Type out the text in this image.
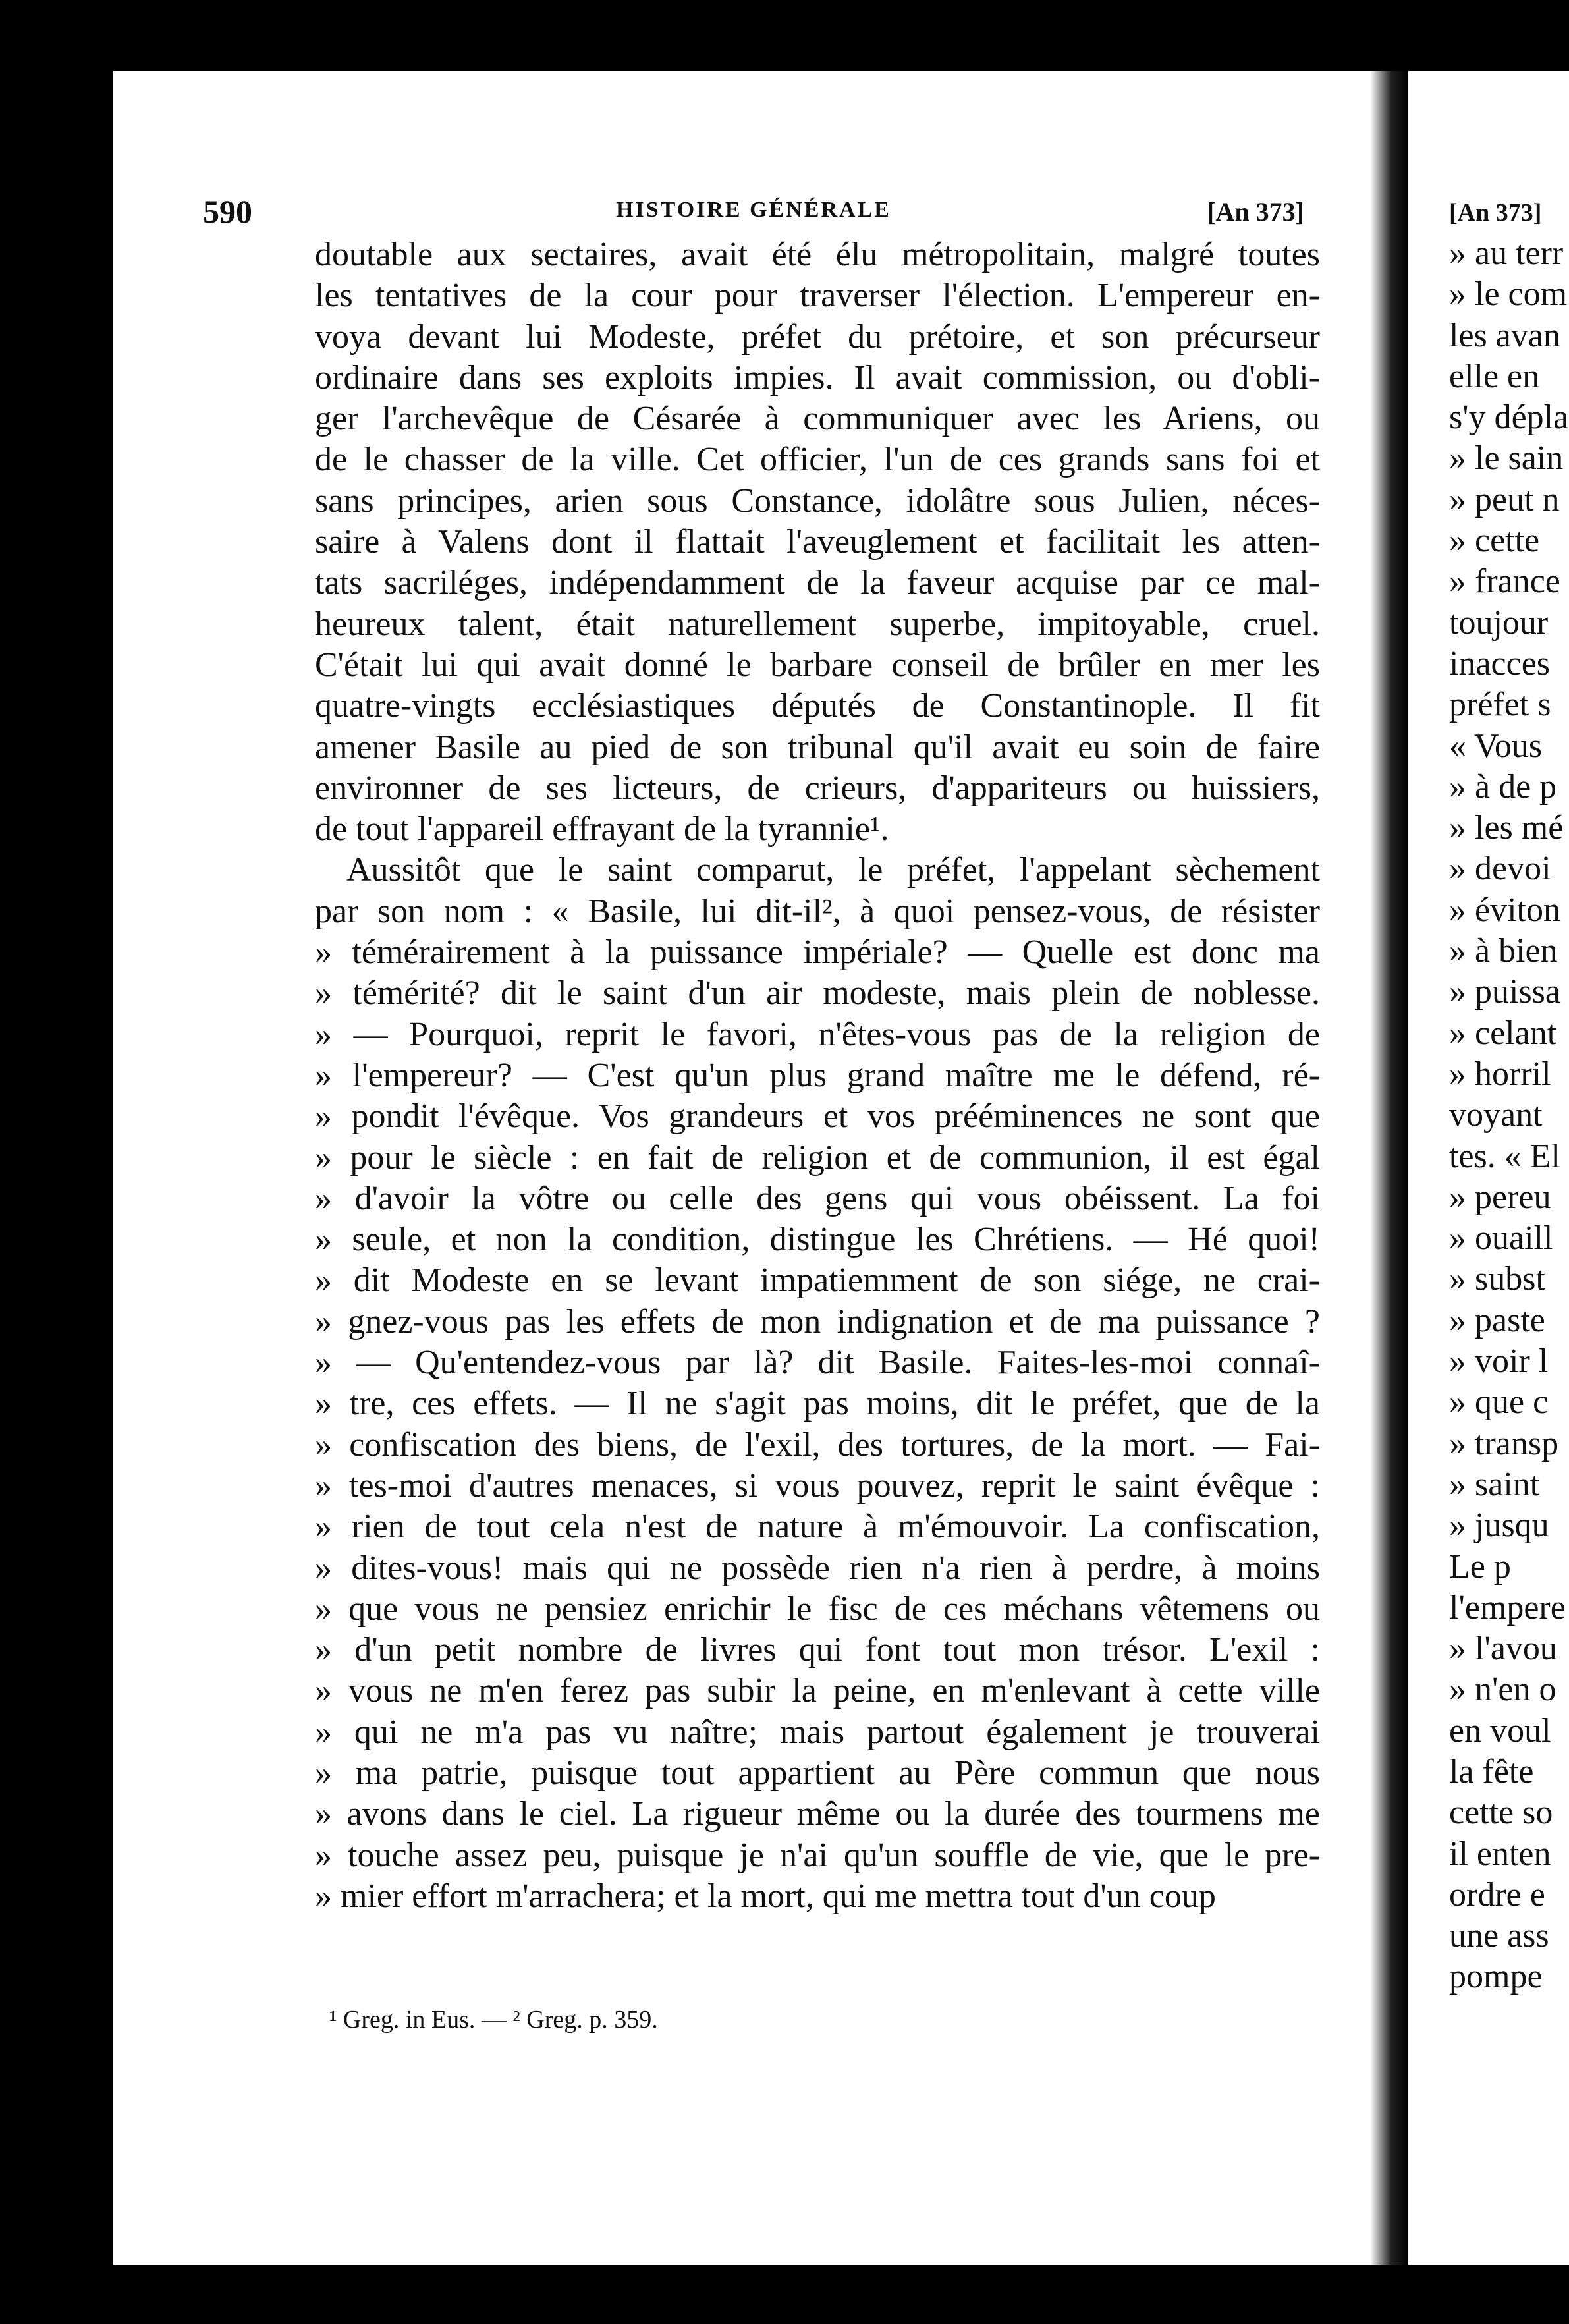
590	HISTOIRE GÉNÉRALE	[An 373]
doutable aux sectaires, avait été élu métropolitain, malgré toutes
les tentatives de la cour pour traverser l'élection. L'empereur en-
voya devant lui Modeste, préfet du prétoire, et son précurseur
ordinaire dans ses exploits impies. Il avait commission, ou d'obli-
ger l'archevêque de Césarée à communiquer avec les Ariens, ou
de le chasser de la ville. Cet officier, l'un de ces grands sans foi et
sans principes, arien sous Constance, idolâtre sous Julien, néces-
saire à Valens dont il flattait l'aveuglement et facilitait les atten-
tats sacriléges, indépendamment de la faveur acquise par ce mal-
heureux talent, était naturellement superbe, impitoyable, cruel.
C'était lui qui avait donné le barbare conseil de brûler en mer les
quatre-vingts ecclésiastiques députés de Constantinople. Il fit
amener Basile au pied de son tribunal qu'il avait eu soin de faire
environner de ses licteurs, de crieurs, d'appariteurs ou huissiers,
de tout l'appareil effrayant de la tyrannie¹.
Aussitôt que le saint comparut, le préfet, l'appelant sèchement
par son nom : « Basile, lui dit-il², à quoi pensez-vous, de résister
» témérairement à la puissance impériale? — Quelle est donc ma
» témérité? dit le saint d'un air modeste, mais plein de noblesse.
» — Pourquoi, reprit le favori, n'êtes-vous pas de la religion de
» l'empereur? — C'est qu'un plus grand maître me le défend, ré-
» pondit l'évêque. Vos grandeurs et vos prééminences ne sont que
» pour le siècle : en fait de religion et de communion, il est égal
» d'avoir la vôtre ou celle des gens qui vous obéissent. La foi
» seule, et non la condition, distingue les Chrétiens. — Hé quoi!
» dit Modeste en se levant impatiemment de son siége, ne crai-
» gnez-vous pas les effets de mon indignation et de ma puissance ?
» — Qu'entendez-vous par là? dit Basile. Faites-les-moi connaî-
» tre, ces effets. — Il ne s'agit pas moins, dit le préfet, que de la
» confiscation des biens, de l'exil, des tortures, de la mort. — Fai-
» tes-moi d'autres menaces, si vous pouvez, reprit le saint évêque :
» rien de tout cela n'est de nature à m'émouvoir. La confiscation,
» dites-vous! mais qui ne possède rien n'a rien à perdre, à moins
» que vous ne pensiez enrichir le fisc de ces méchans vêtemens ou
» d'un petit nombre de livres qui font tout mon trésor. L'exil :
» vous ne m'en ferez pas subir la peine, en m'enlevant à cette ville
» qui ne m'a pas vu naître; mais partout également je trouverai
» ma patrie, puisque tout appartient au Père commun que nous
» avons dans le ciel. La rigueur même ou la durée des tourmens me
» touche assez peu, puisque je n'ai qu'un souffle de vie, que le pre-
» mier effort m'arrachera; et la mort, qui me mettra tout d'un coup
¹ Greg. in Eus. — ² Greg. p. 359.
[An 373]
» au terr
» le com
les avan
elle en
s'y dépla
» le sain
» peut n
» cette
» france
toujour
inacces
préfet s
« Vous
» à de p
» les mé
» devoi
» éviton
» à bien
» puissa
» celant
» horril
voyant
tes. « El
» pereu
» ouaill
» subst
» paste
» voir l
» que c
» transp
» saint
» jusqu
Le p
l'empere
» l'avou
» n'en o
en voul
la fête
cette so
il enten
ordre e
une ass
pompe
